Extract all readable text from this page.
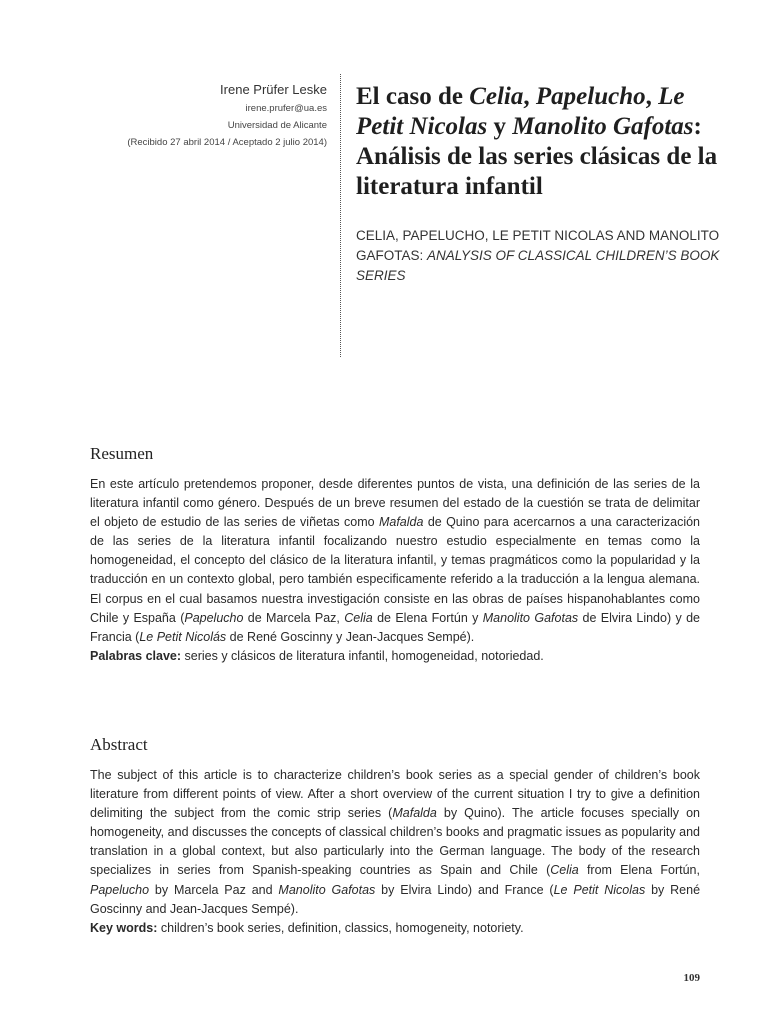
Irene Prüfer Leske
irene.prufer@ua.es
Universidad de Alicante
(Recibido 27 abril 2014 / Aceptado 2 julio 2014)
El caso de Celia, Papelucho, Le Petit Nicolas y Manolito Gafotas: Análisis de las series clásicas de la literatura infantil
CELIA, PAPELUCHO, LE PETIT NICOLAS AND MANOLITO GAFOTAS: ANALYSIS OF CLASSICAL CHILDREN’S BOOK SERIES
Resumen
En este artículo pretendemos proponer, desde diferentes puntos de vista, una definición de las series de la literatura infantil como género. Después de un breve resumen del estado de la cuestión se trata de delimitar el objeto de estudio de las series de viñetas como Mafalda de Quino para acercarnos a una caracterización de las series de la literatura infantil focalizando nuestro estudio especialmente en temas como la homogeneidad, el concepto del clásico de la literatura infantil, y temas pragmáticos como la popularidad y la traducción en un contexto global, pero también especificamente referido a la traducción a la lengua alemana. El corpus en el cual basamos nuestra investigación consiste en las obras de países hispanohablantes como Chile y España (Papelucho de Marcela Paz, Celia de Elena Fortún y Manolito Gafotas de Elvira Lindo) y de Francia (Le Petit Nicolás de René Goscinny y Jean-Jacques Sempé).
Palabras clave: series y clásicos de literatura infantil, homogeneidad, notoriedad.
Abstract
The subject of this article is to characterize children’s book series as a special gender of children’s book literature from different points of view. After a short overview of the current situation I try to give a definition delimiting the subject from the comic strip series (Mafalda by Quino). The article focuses specially on homogeneity, and discusses the concepts of classical children’s books and pragmatic issues as popularity and translation in a global context, but also particularly into the German language. The body of the research specializes in series from Spanish-speaking countries as Spain and Chile (Celia from Elena Fortún, Papelucho by Marcela Paz and Manolito Gafotas by Elvira Lindo) and France (Le Petit Nicolas by René Goscinny and Jean-Jacques Sempé).
Key words: children’s book series, definition, classics, homogeneity, notoriety.
109
